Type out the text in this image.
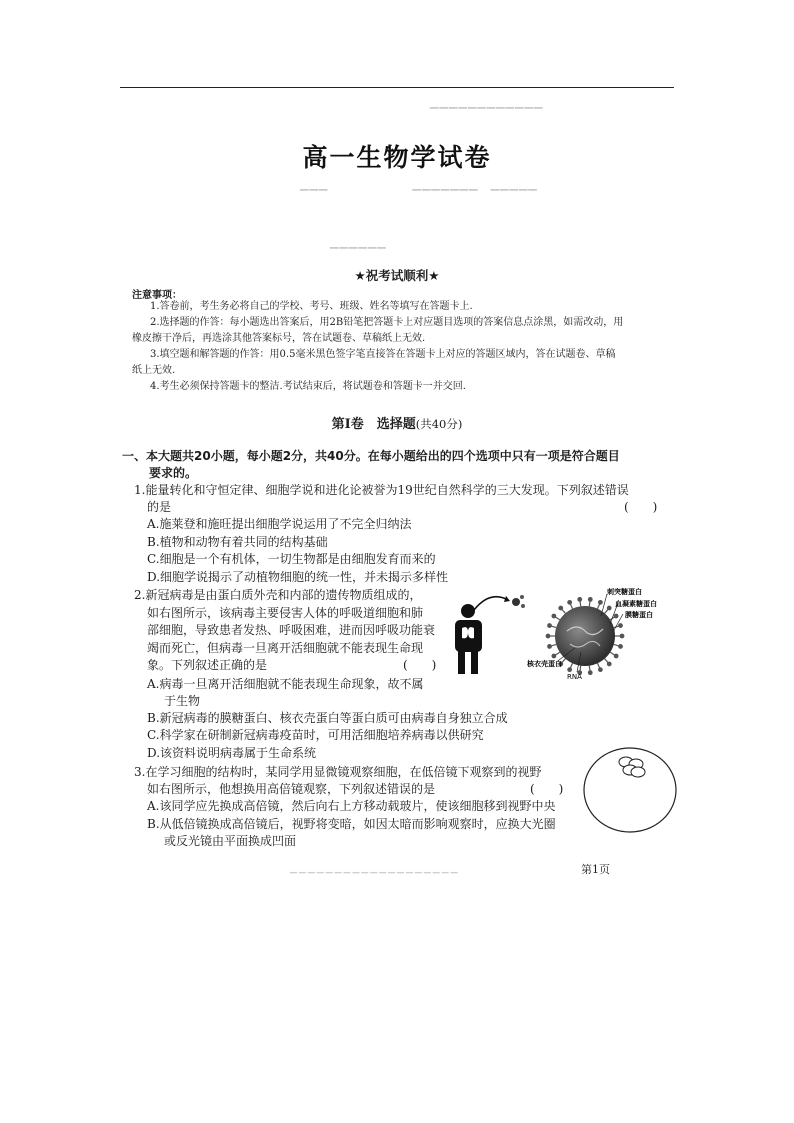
▁▁▁▁▁▁▁▁▁▁▁▁
▁▁▁　　　　　　　▁▁▁▁▁▁▁　▁▁▁▁▁
▁▁▁▁▁▁
高一生物学试卷
★祝考试顺利★
注意事项：
1.答卷前，考生务必将自己的学校、考号、班级、姓名等填写在答题卡上.
2.选择题的作答：每小题选出答案后，用2B铅笔把答题卡上对应题目选项的答案信息点涂黑，如需改动，用
橡皮擦干净后，再选涂其他答案标号，答在试题卷、草稿纸上无效.
3.填空题和解答题的作答：用0.5毫米黑色签字笔直接答在答题卡上对应的答题区域内，答在试题卷、草稿
纸上无效.
4.考生必须保持答题卡的整洁.考试结束后，将试题卷和答题卡一并交回.
第Ⅰ卷　选择题(共40分)
一、本大题共20小题，每小题2分，共40分。在每小题给出的四个选项中只有一项是符合题目
要求的。
1.能量转化和守恒定律、细胞学说和进化论被誉为19世纪自然科学的三大发现。下列叙述错误
的是	(　　)
A.施莱登和施旺提出细胞学说运用了不完全归纳法
B.植物和动物有着共同的结构基础
C.细胞是一个有机体，一切生物都是由细胞发育而来的
D.细胞学说揭示了动植物细胞的统一性，并未揭示多样性
2.新冠病毒是由蛋白质外壳和内部的遗传物质组成的，
如右图所示，该病毒主要侵害人体的呼吸道细胞和肺
部细胞，导致患者发热、呼吸困难，进而因呼吸功能衰
竭而死亡，但病毒一旦离开活细胞就不能表现生命现
象。下列叙述正确的是	(　　)
A.病毒一旦离开活细胞就不能表现生命现象，故不属
于生物
B.新冠病毒的膜糖蛋白、核衣壳蛋白等蛋白质可由病毒自身独立合成
C.科学家在研制新冠病毒疫苗时，可用活细胞培养病毒以供研究
D.该资料说明病毒属于生命系统
刺突糖蛋白
血凝素糖蛋白
膜糖蛋白
核衣壳蛋白
RNA
3.在学习细胞的结构时，某同学用显微镜观察细胞，在低倍镜下观察到的视野
如右图所示，他想换用高倍镜观察，下列叙述错误的是	(　　)
A.该同学应先换成高倍镜，然后向右上方移动载玻片，使该细胞移到视野中央
B.从低倍镜换成高倍镜后，视野将变暗，如因太暗而影响观察时，应换大光圈
或反光镜由平面换成凹面
▁▁▁▁▁▁▁▁▁▁▁▁▁▁▁▁▁▁▁	第1页
